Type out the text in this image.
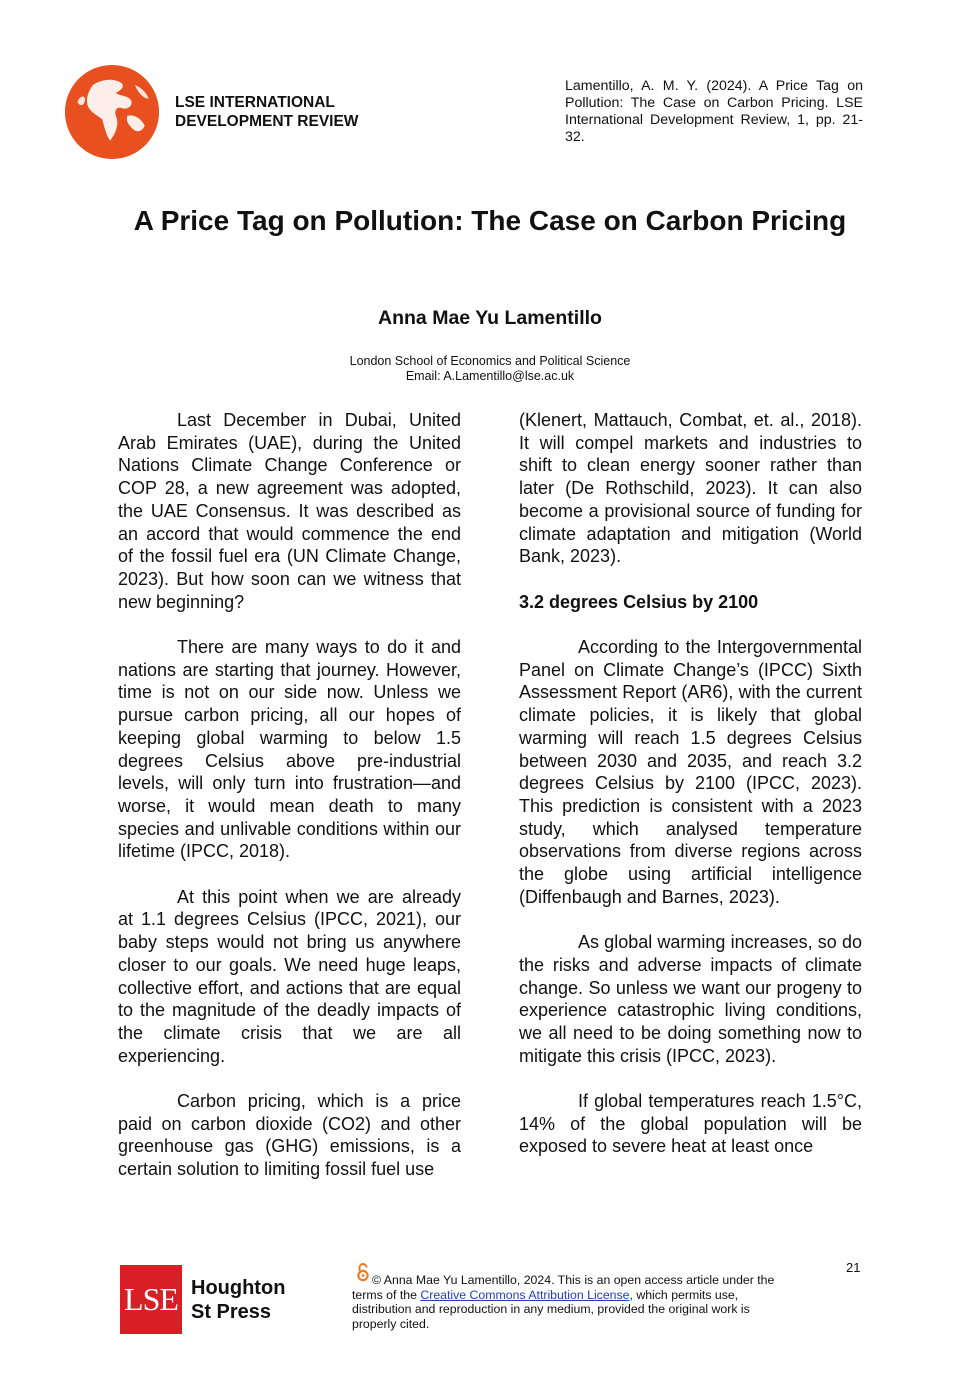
LSE INTERNATIONAL
DEVELOPMENT REVIEW
Lamentillo, A. M. Y. (2024). A Price Tag on Pollution: The Case on Carbon Pricing. LSE International Development Review, 1, pp. 21-32.
A Price Tag on Pollution: The Case on Carbon Pricing
Anna Mae Yu Lamentillo
London School of Economics and Political Science
Email: A.Lamentillo@lse.ac.uk

Last December in Dubai, United Arab Emirates (UAE), during the United Nations Climate Change Conference or COP 28, a new agreement was adopted, the UAE Consensus. It was described as an accord that would commence the end of the fossil fuel era (UN Climate Change, 2023). But how soon can we witness that new beginning?

There are many ways to do it and nations are starting that journey. However, time is not on our side now. Unless we pursue carbon pricing, all our hopes of keeping global warming to below 1.5 degrees Celsius above pre-industrial levels, will only turn into frustration—and worse, it would mean death to many species and unlivable conditions within our lifetime (IPCC, 2018).

At this point when we are already at 1.1 degrees Celsius (IPCC, 2021), our baby steps would not bring us anywhere closer to our goals. We need huge leaps, collective effort, and actions that are equal to the magnitude of the deadly impacts of the climate crisis that we are all experiencing.

Carbon pricing, which is a price paid on carbon dioxide (CO2) and other greenhouse gas (GHG) emissions, is a certain solution to limiting fossil fuel use

(Klenert, Mattauch, Combat, et. al., 2018). It will compel markets and industries to shift to clean energy sooner rather than later (De Rothschild, 2023). It can also become a provisional source of funding for climate adaptation and mitigation (World Bank, 2023).

3.2 degrees Celsius by 2100

According to the Intergovernmental Panel on Climate Change’s (IPCC) Sixth Assessment Report (AR6), with the current climate policies, it is likely that global warming will reach 1.5 degrees Celsius between 2030 and 2035, and reach 3.2 degrees Celsius by 2100 (IPCC, 2023). This prediction is consistent with a 2023 study, which analysed temperature observations from diverse regions across the globe using artificial intelligence (Diffenbaugh and Barnes, 2023).

As global warming increases, so do the risks and adverse impacts of climate change. So unless we want our progeny to experience catastrophic living conditions, we all need to be doing something now to mitigate this crisis (IPCC, 2023).

If global temperatures reach 1.5°C, 14% of the global population will be exposed to severe heat at least once

LSE Houghton
St Press
© Anna Mae Yu Lamentillo, 2024. This is an open access article under the terms of the Creative Commons Attribution License, which permits use, distribution and reproduction in any medium, provided the original work is properly cited.
21
